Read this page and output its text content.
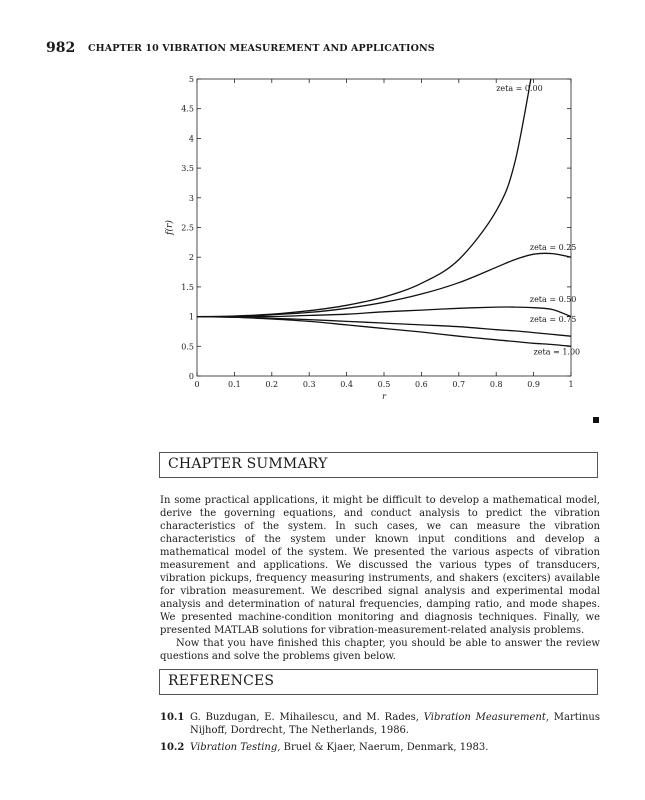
982 CHAPTER 10 VIBRATION MEASUREMENT AND APPLICATIONS
0	0.1	0.2	0.3	0.4	0.5	0.6	0.7	0.8	0.9	1
0
0.5
1
1.5
2
2.5
3
3.5
4
4.5
5
r
f(r)
zeta = 0.00
zeta = 0.25
zeta = 0.50
zeta = 0.75
zeta = 1.00
CHAPTER SUMMARY

In some practical applications, it might be difficult to develop a mathematical model, derive the governing equations, and conduct analysis to predict the vibration characteristics of the system. In such cases, we can measure the vibration characteristics of the system under known input conditions and develop a mathematical model of the system. We presented the various aspects of vibration measurement and applications. We discussed the various types of transducers, vibration pickups, frequency measuring instruments, and shakers (exciters) available for vibration measurement. We described signal analysis and experimental modal analysis and determination of natural frequencies, damping ratio, and mode shapes. We presented machine-condition monitoring and diagnosis techniques. Finally, we presented MATLAB solutions for vibration-measurement-related analysis problems.

Now that you have finished this chapter, you should be able to answer the review questions and solve the problems given below.

REFERENCES
10.1 G. Buzdugan, E. Mihailescu, and M. Rades, Vibration Measurement, Martinus Nijhoff, Dordrecht, The Netherlands, 1986.
10.2 Vibration Testing, Bruel & Kjaer, Naerum, Denmark, 1983.
